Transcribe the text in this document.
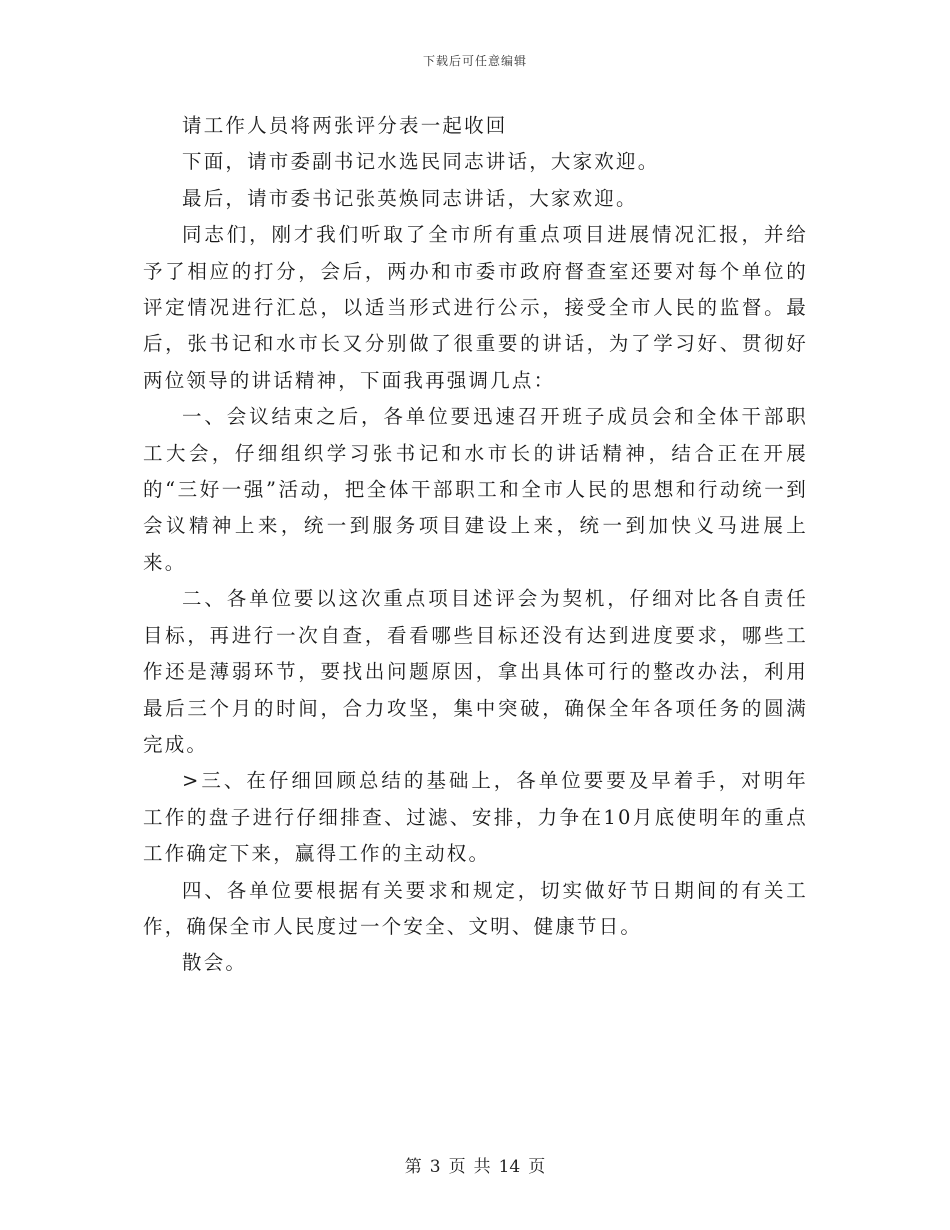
下载后可任意编辑

请工作人员将两张评分表一起收回

下面，请市委副书记水选民同志讲话，大家欢迎。

最后，请市委书记张英焕同志讲话，大家欢迎。

同志们，刚才我们听取了全市所有重点项目进展情况汇报，并给予了相应的打分，会后，两办和市委市政府督查室还要对每个单位的评定情况进行汇总，以适当形式进行公示，接受全市人民的监督。最后，张书记和水市长又分别做了很重要的讲话，为了学习好、贯彻好两位领导的讲话精神，下面我再强调几点：

一、会议结束之后，各单位要迅速召开班子成员会和全体干部职工大会，仔细组织学习张书记和水市长的讲话精神，结合正在开展的“三好一强”活动，把全体干部职工和全市人民的思想和行动统一到会议精神上来，统一到服务项目建设上来，统一到加快义马进展上来。

二、各单位要以这次重点项目述评会为契机，仔细对比各自责任目标，再进行一次自查，看看哪些目标还没有达到进度要求，哪些工作还是薄弱环节，要找出问题原因，拿出具体可行的整改办法，利用最后三个月的时间，合力攻坚，集中突破，确保全年各项任务的圆满完成。

>三、在仔细回顾总结的基础上，各单位要要及早着手，对明年工作的盘子进行仔细排查、过滤、安排，力争在10月底使明年的重点工作确定下来，赢得工作的主动权。

四、各单位要根据有关要求和规定，切实做好节日期间的有关工作，确保全市人民度过一个安全、文明、健康节日。

散会。

第 3 页 共 14 页
